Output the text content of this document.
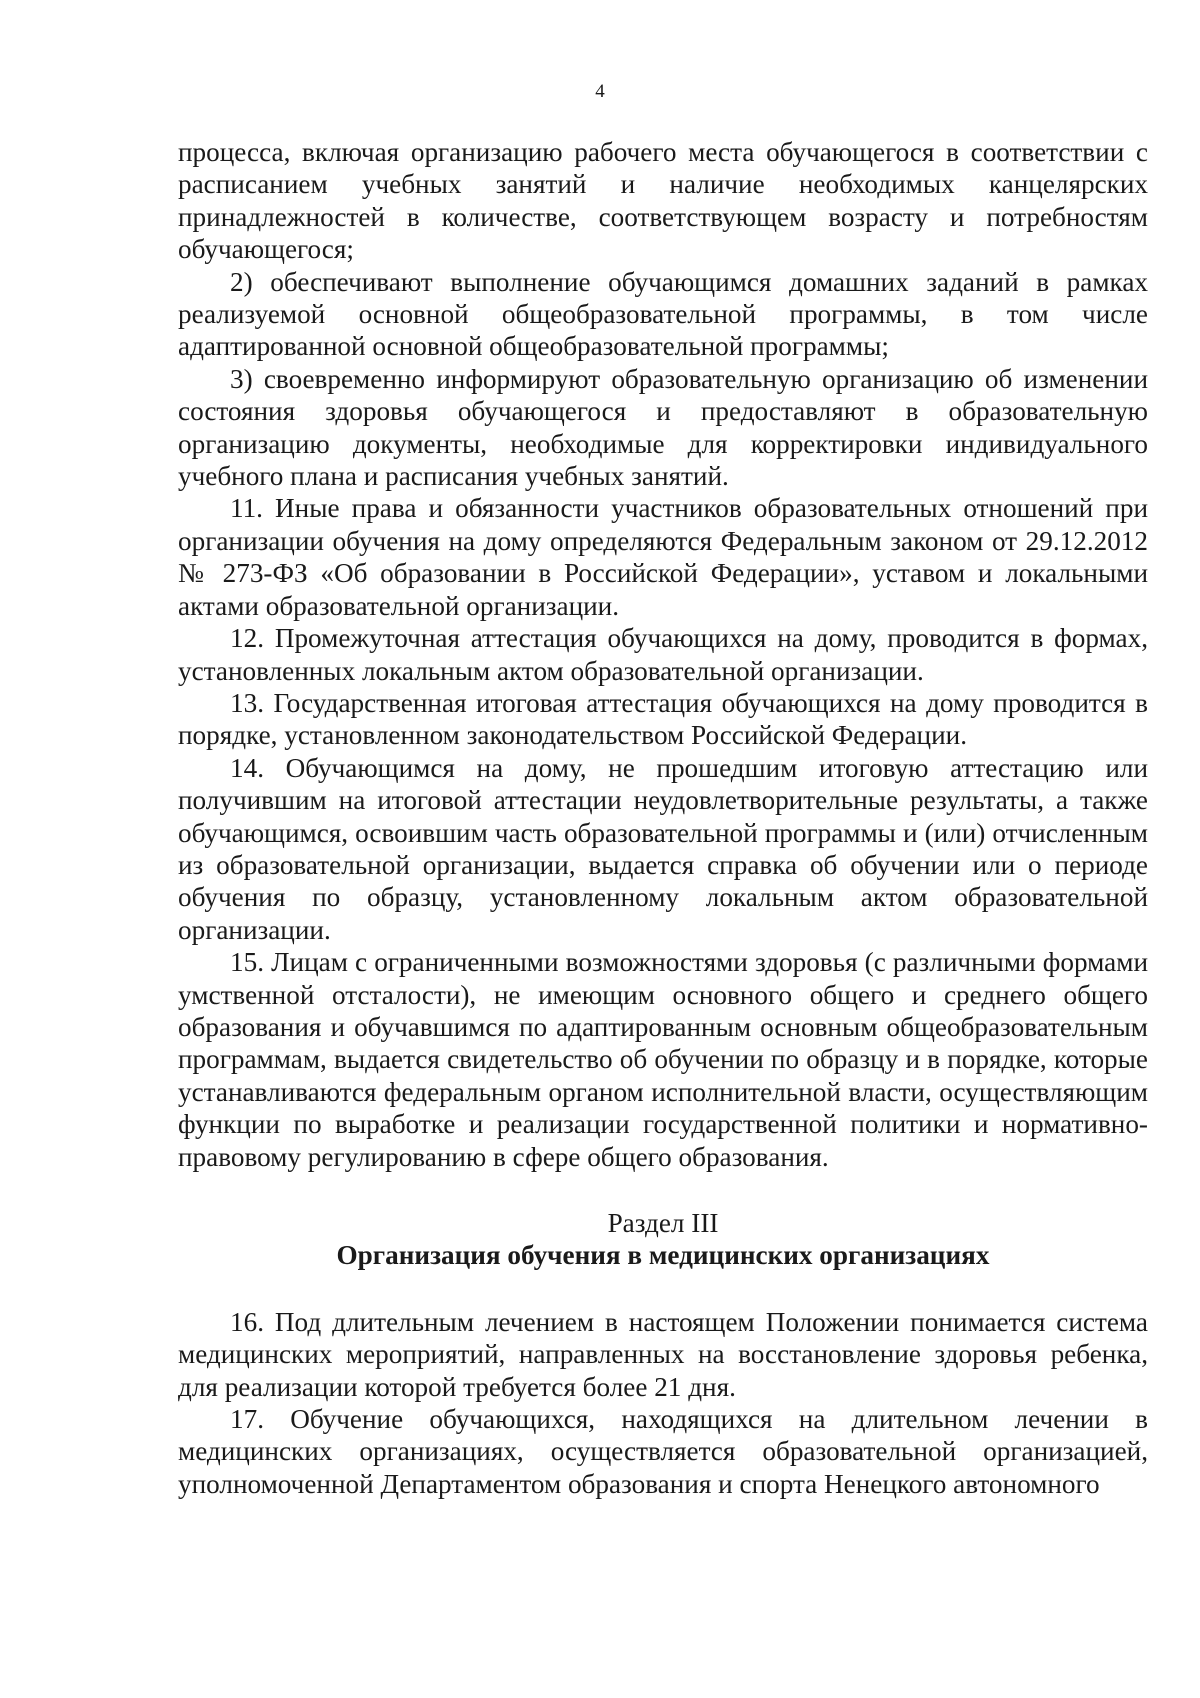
4

процесса, включая организацию рабочего места обучающегося в соответствии с расписанием учебных занятий и наличие необходимых канцелярских принадлежностей в количестве, соответствующем возрасту и потребностям обучающегося;

2) обеспечивают выполнение обучающимся домашних заданий в рамках реализуемой основной общеобразовательной программы, в том числе адаптированной основной общеобразовательной программы;

3) своевременно информируют образовательную организацию об изменении состояния здоровья обучающегося и предоставляют в образовательную организацию документы, необходимые для корректировки индивидуального учебного плана и расписания учебных занятий.

11. Иные права и обязанности участников образовательных отношений при организации обучения на дому определяются Федеральным законом от 29.12.2012 № 273-ФЗ «Об образовании в Российской Федерации», уставом и локальными актами образовательной организации.

12. Промежуточная аттестация обучающихся на дому, проводится в формах, установленных локальным актом образовательной организации.

13. Государственная итоговая аттестация обучающихся на дому проводится в порядке, установленном законодательством Российской Федерации.

14. Обучающимся на дому, не прошедшим итоговую аттестацию или получившим на итоговой аттестации неудовлетворительные результаты, а также обучающимся, освоившим часть образовательной программы и (или) отчисленным из образовательной организации, выдается справка об обучении или о периоде обучения по образцу, установленному локальным актом образовательной организации.

15. Лицам с ограниченными возможностями здоровья (с различными формами умственной отсталости), не имеющим основного общего и среднего общего образования и обучавшимся по адаптированным основным общеобразовательным программам, выдается свидетельство об обучении по образцу и в порядке, которые устанавливаются федеральным органом исполнительной власти, осуществляющим функции по выработке и реализации государственной политики и нормативно-правовому регулированию в сфере общего образования.

Раздел III
Организация обучения в медицинских организациях

16. Под длительным лечением в настоящем Положении понимается система медицинских мероприятий, направленных на восстановление здоровья ребенка, для реализации которой требуется более 21 дня.

17. Обучение обучающихся, находящихся на длительном лечении в медицинских организациях, осуществляется образовательной организацией, уполномоченной Департаментом образования и спорта Ненецкого автономного
